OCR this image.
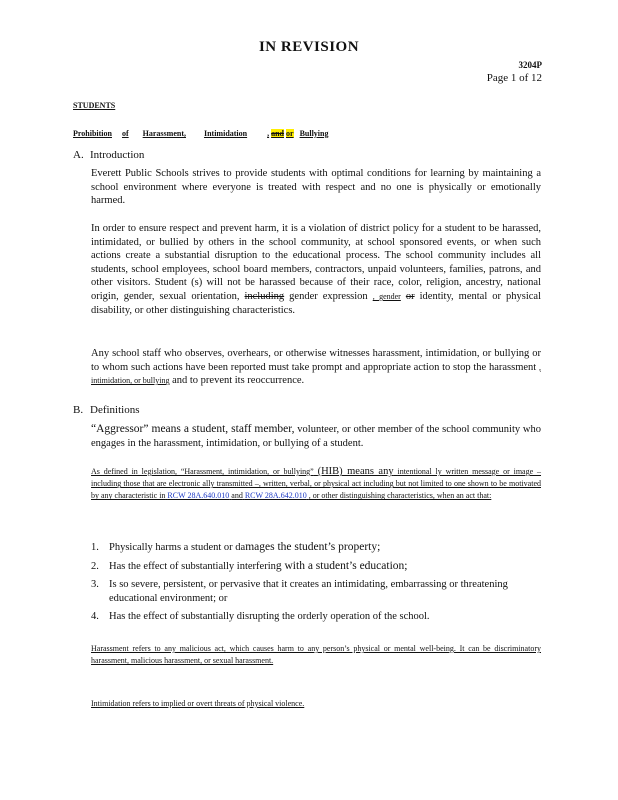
IN REVISION
3204P
Page 1 of 12
STUDENTS
Prohibition of Harassment, Intimidation	, and or Bullying
A. Introduction

Everett Public Schools strives to provide students with optimal conditions for learning by maintaining a school environment where everyone is treated with respect and no one is physically or emotionally harmed.

In order to ensure respect and prevent harm, it is a violation of district policy for a student to be harassed, intimidated, or bullied by others in the school community, at school sponsored events, or when such actions create a substantial disruption to the educational process. The school community includes all students, school employees, school board members, contractors, unpaid volunteers, families, patrons, and other visitors. Student (s) will not be harassed because of their race, color, religion, ancestry, national origin, gender, sexual orientation, including gender expression , gender or identity, mental or physical disability, or other distinguishing characteristics.

Any school staff who observes, overhears, or otherwise witnesses harassment, intimidation, or bullying or to whom such actions have been reported must take prompt and appropriate action to stop the harassment , intimidation, or bullying and to prevent its reoccurrence.

B. Definitions

“Aggressor” means a student, staff member, volunteer, or other member of the school community who engages in the harassment, intimidation, or bullying of a student.

As defined in legislation, “Harassment, intimidation, or bullying” (HIB) means any intentional ly written message or image – including those that are electronic ally transmitted –, written, verbal, or physical act including but not limited to one shown to be motivated by any characteristic in RCW 28A.640.010 and RCW 28A.642.010 , or other distinguishing characteristics, when an act that:

1. Physically harms a student or damages the student’s property;
2. Has the effect of substantially interfering with a student’s education;
3. Is so severe, persistent, or pervasive that it creates an intimidating, embarrassing or threatening educational environment; or
4. Has the effect of substantially disrupting the orderly operation of the school.

Harassment refers to any malicious act, which causes harm to any person’s physical or mental well-being. It can be discriminatory harassment, malicious harassment, or sexual harassment.

Intimidation refers to implied or overt threats of physical violence.
